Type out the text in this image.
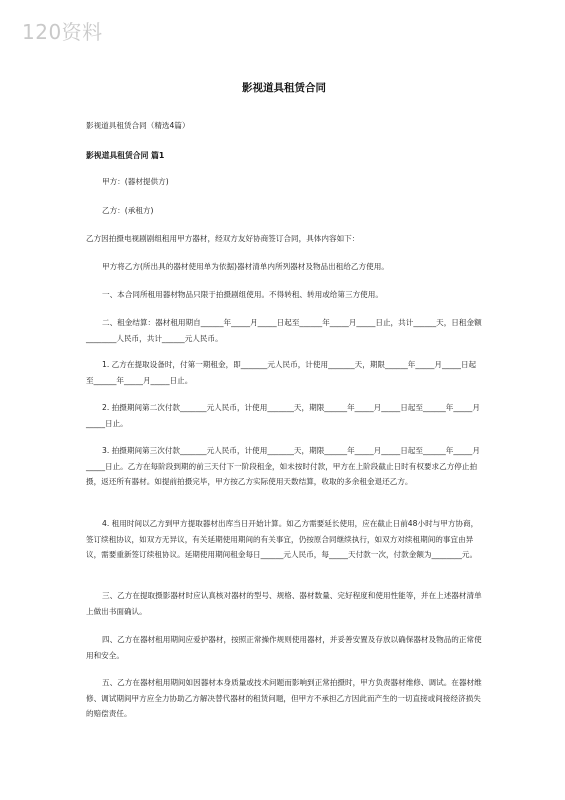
120资料
影视道具租赁合同
影视道具租赁合同（精选4篇）
影视道具租赁合同 篇1
甲方：(器材提供方)
乙方：(承租方)
乙方因拍摄电视剧剧组租用甲方器材，经双方友好协商签订合同，具体内容如下：
甲方将乙方(所出具的器材使用单为依据)器材清单内所列器材及物品出租给乙方使用。
一、本合同所租用器材物品只限于拍摄剧组使用。不得转租、转用或给第三方使用。
二、租金结算：器材租用期自______年_____月_____日起至______年_____月_____日止，共计______天，日租金额________人民币，共计______元人民币。
1. 乙方在提取设备时，付第一期租金，即_______元人民币，计使用_______天，期限______年_____月_____日起至______年_____月_____日止。
2. 拍摄期间第二次付款_______元人民币，计使用_______天，期限______年_____月_____日起至______年_____月_____日止。
3. 拍摄期间第三次付款_______元人民币，计使用_______天，期限______年_____月_____日起至______年_____月_____日止。乙方在每阶段到期的前三天付下一阶段租金，如未按时付款，甲方在上阶段截止日时有权要求乙方停止拍摄，返还所有器材。如提前拍摄完毕，甲方按乙方实际使用天数结算，收取的多余租金退还乙方。
4. 租用时间以乙方到甲方提取器材出库当日开始计算。如乙方需要延长使用，应在截止日前48小时与甲方协商，签订续租协议，如双方无异议，有关延期使用期间的有关事宜，仍按原合同继续执行，如双方对续租期间的事宜由异议，需要重新签订续租协议。延期使用期间租金每日______元人民币，每_____天付款一次，付款金额为________元。
三、乙方在提取摄影器材时应认真核对器材的型号、规格、器材数量、完好程度和使用性能等，并在上述器材清单上做出书面确认。
四、乙方在器材租用期间应爱护器材，按照正常操作规则使用器材，并妥善安置及存放以确保器材及物品的正常使用和安全。
五、乙方在器材租用期间如因器材本身质量或技术问题而影响到正常拍摄时，甲方负责器材维修、调试。在器材维修、调试期间甲方应全力协助乙方解决替代器材的租赁问题，但甲方不承担乙方因此而产生的一切直接或间接经济损失的赔偿责任。
